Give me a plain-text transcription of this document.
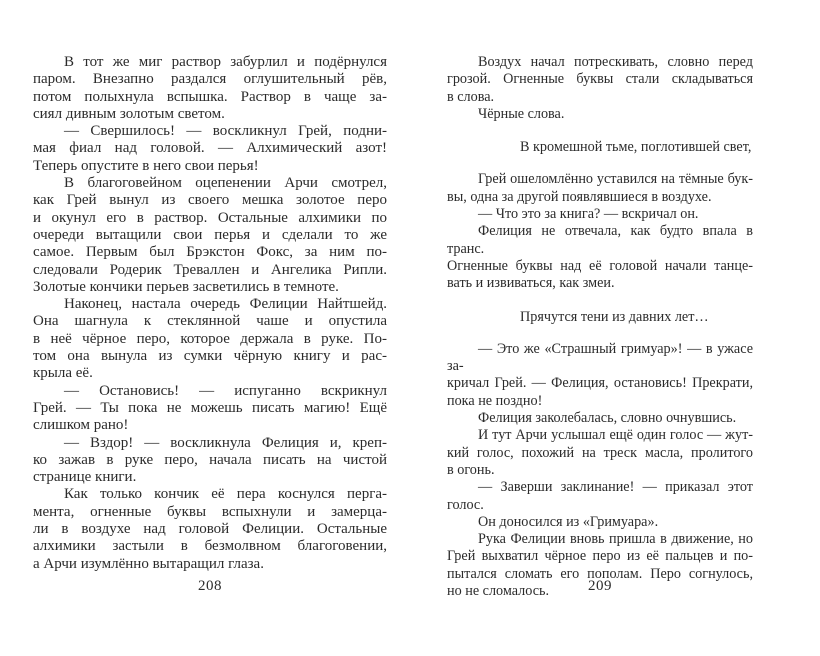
В тот же миг раствор забурлил и подёрнулся
паром. Внезапно раздался оглушительный рёв,
потом полыхнула вспышка. Раствор в чаще за-
сиял дивным золотым светом.
— Свершилось! — воскликнул Грей, подни-
мая фиал над головой. — Алхимический азот!
Теперь опустите в него свои перья!
В благоговейном оцепенении Арчи смотрел,
как Грей вынул из своего мешка золотое перо
и окунул его в раствор. Остальные алхимики по
очереди вытащили свои перья и сделали то же
самое. Первым был Брэкстон Фокс, за ним по-
следовали Родерик Треваллен и Ангелика Рипли.
Золотые кончики перьев засветились в темноте.
Наконец, настала очередь Фелиции Найтшейд.
Она шагнула к стеклянной чаше и опустила
в неё чёрное перо, которое держала в руке. По-
том она вынула из сумки чёрную книгу и рас-
крыла её.
— Остановись! — испуганно вскрикнул
Грей. — Ты пока не можешь писать магию! Ещё
слишком рано!
— Вздор! — воскликнула Фелиция и, креп-
ко зажав в руке перо, начала писать на чистой
странице книги.
Как только кончик её пера коснулся перга-
мента, огненные буквы вспыхнули и замерца-
ли в воздухе над головой Фелиции. Остальные
алхимики застыли в безмолвном благоговении,
а Арчи изумлённо вытаращил глаза.
208
Воздух начал потрескивать, словно перед
грозой. Огненные буквы стали складываться
в слова.
Чёрные слова.
В кромешной тьме, поглотившей свет,
Грей ошеломлённо уставился на тёмные бук-
вы, одна за другой появлявшиеся в воздухе.
— Что это за книга? — вскричал он.
Фелиция не отвечала, как будто впала в транс.
Огненные буквы над её головой начали танце-
вать и извиваться, как змеи.
Прячутся тени из давних лет…
— Это же «Страшный гримуар»! — в ужасе за-
кричал Грей. — Фелиция, остановись! Прекрати,
пока не поздно!
Фелиция заколебалась, словно очнувшись.
И тут Арчи услышал ещё один голос — жут-
кий голос, похожий на треск масла, пролитого
в огонь.
— Заверши заклинание! — приказал этот
голос.
Он доносился из «Гримуара».
Рука Фелиции вновь пришла в движение, но
Грей выхватил чёрное перо из её пальцев и по-
пытался сломать его пополам. Перо согнулось,
но не сломалось.	209
